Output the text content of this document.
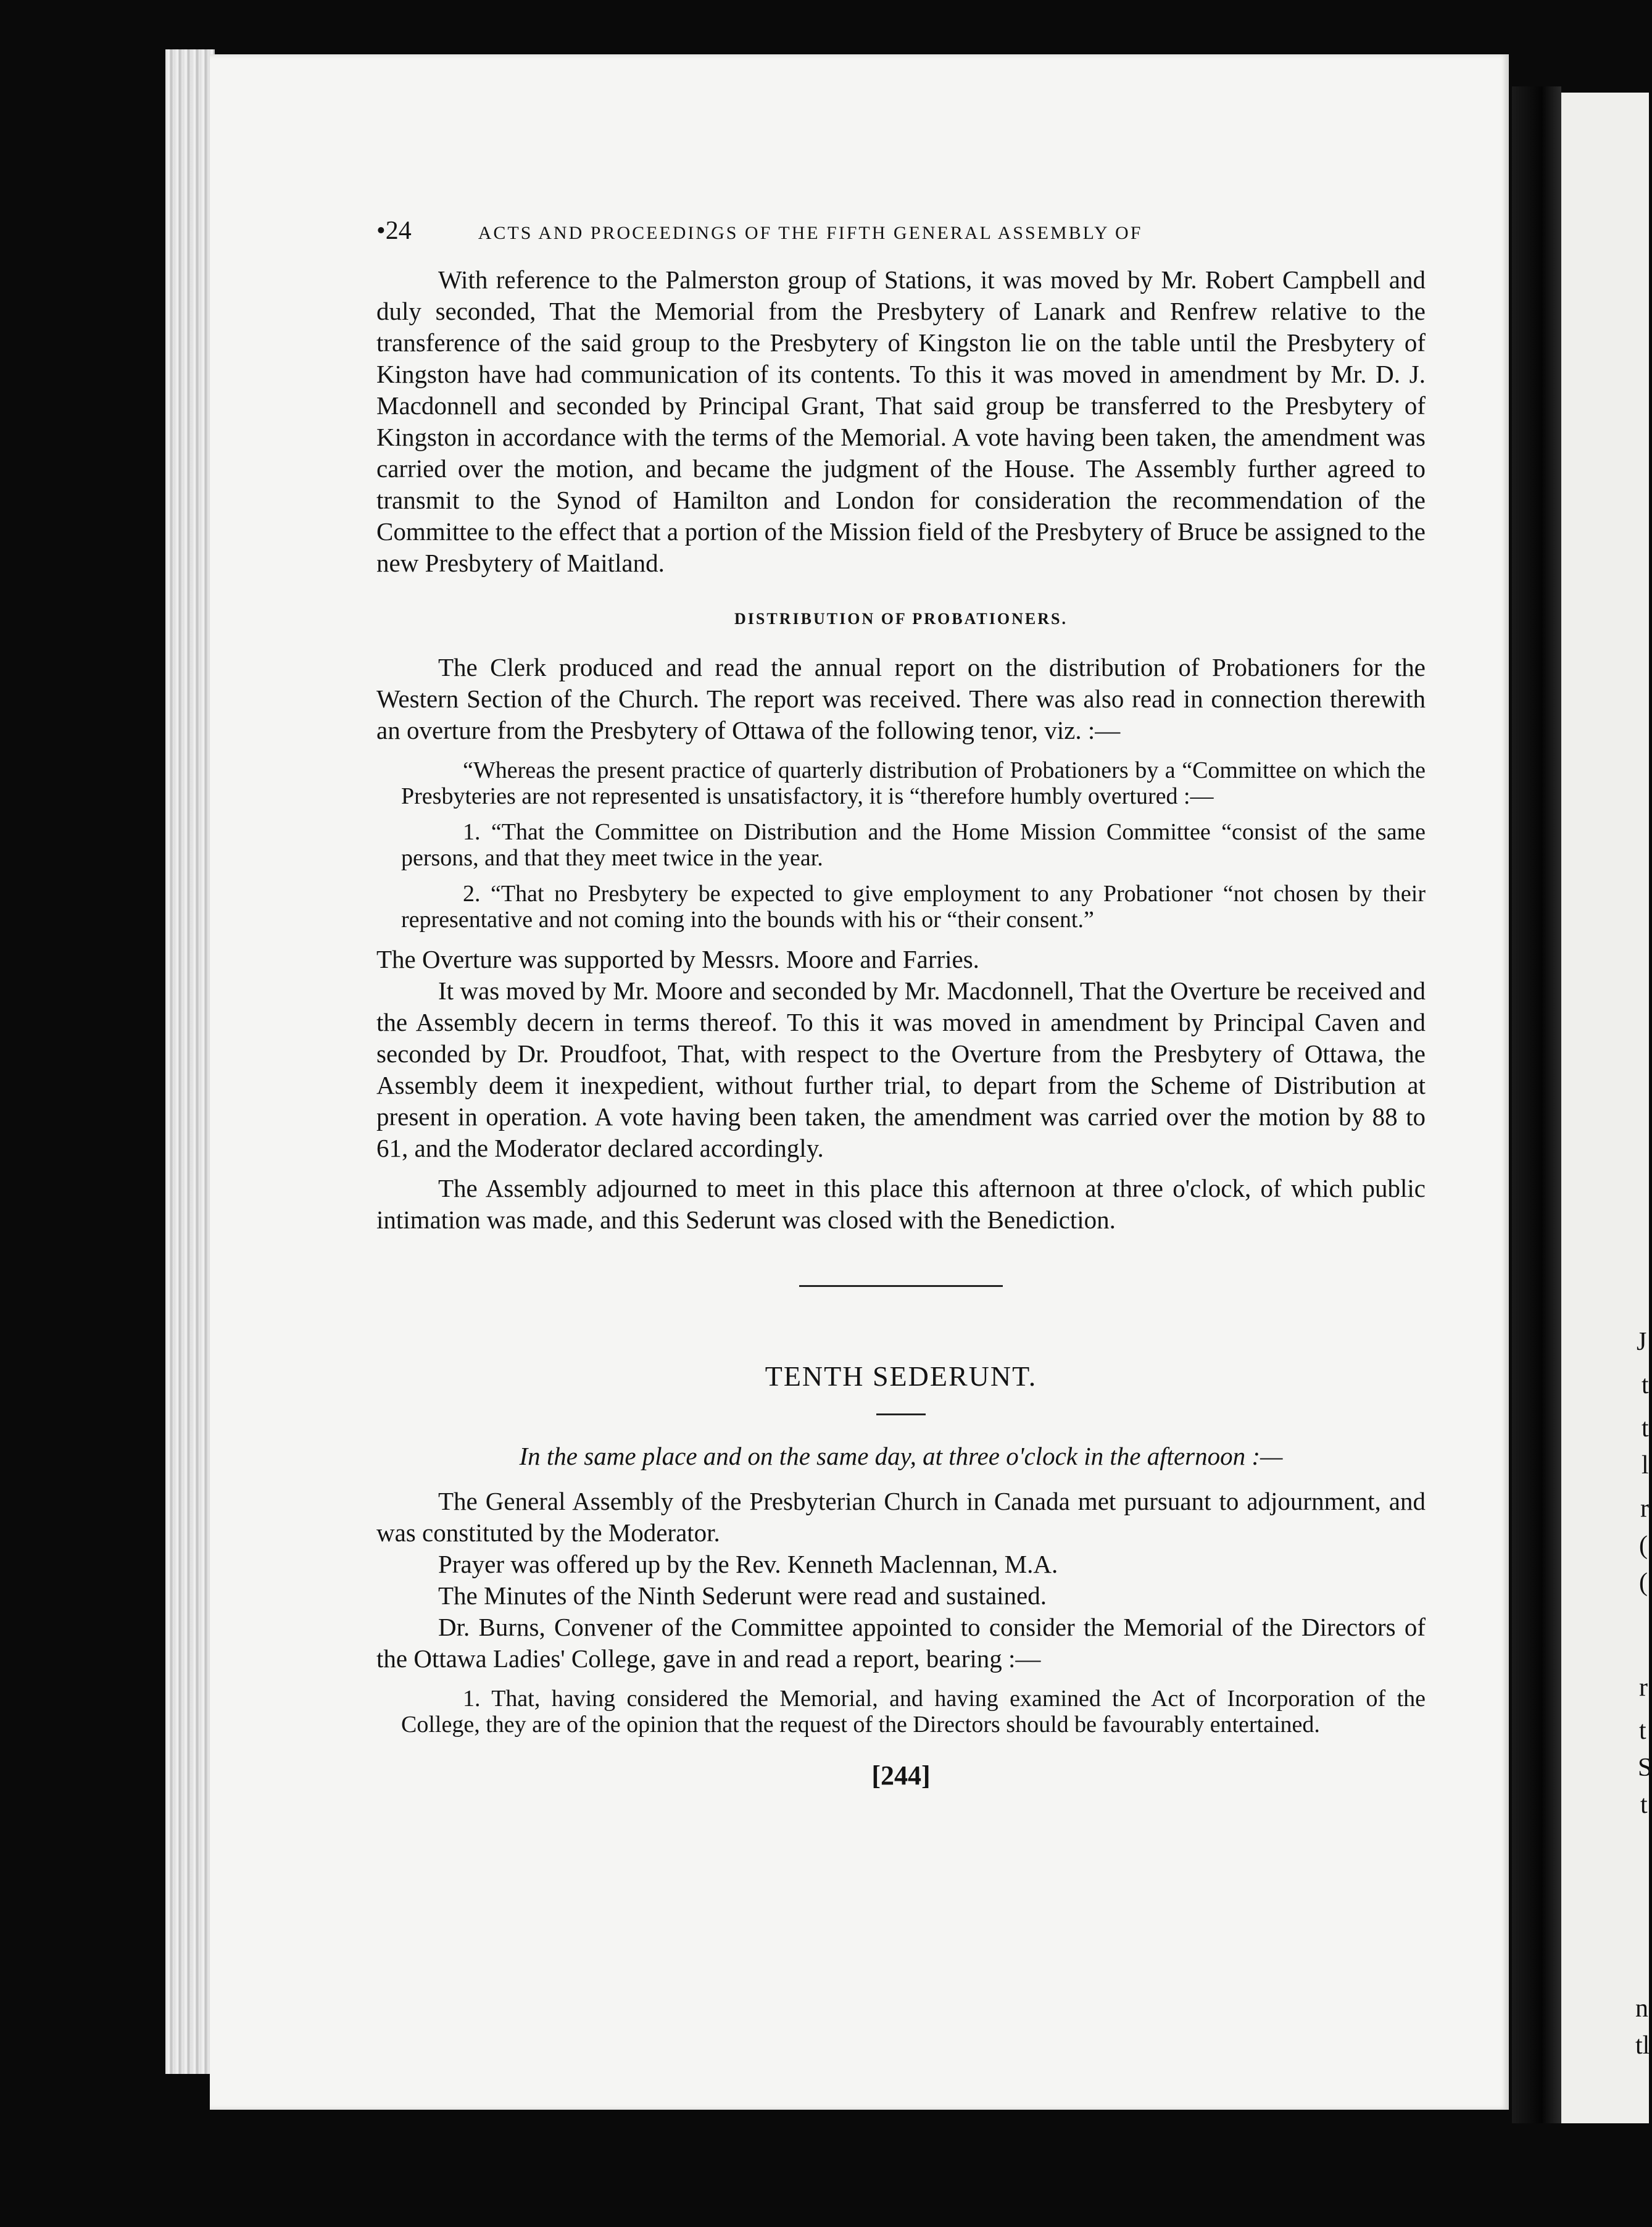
J
t
t
l
r
(
(
r
t
S
t
n
tl
•24	ACTS AND PROCEEDINGS OF THE FIFTH GENERAL ASSEMBLY OF

With reference to the Palmerston group of Stations, it was moved by Mr. Robert Campbell and duly seconded, That the Memorial from the Presbytery of Lanark and Renfrew relative to the transference of the said group to the Presbytery of Kingston lie on the table until the Presbytery of Kingston have had communication of its contents. To this it was moved in amendment by Mr. D. J. Macdonnell and seconded by Principal Grant, That said group be transferred to the Presbytery of Kingston in accordance with the terms of the Memorial. A vote having been taken, the amendment was carried over the motion, and became the judgment of the House. The Assembly further agreed to transmit to the Synod of Hamilton and London for consideration the recommendation of the Committee to the effect that a portion of the Mission field of the Presbytery of Bruce be assigned to the new Presbytery of Maitland.

DISTRIBUTION OF PROBATIONERS.

The Clerk produced and read the annual report on the distribution of Probationers for the Western Section of the Church. The report was received. There was also read in connection therewith an overture from the Presbytery of Ottawa of the following tenor, viz. :—

“Whereas the present practice of quarterly distribution of Probationers by a “Committee on which the Presbyteries are not represented is unsatisfactory, it is “therefore humbly overtured :—

1. “That the Committee on Distribution and the Home Mission Committee “consist of the same persons, and that they meet twice in the year.

2. “That no Presbytery be expected to give employment to any Probationer “not chosen by their representative and not coming into the bounds with his or “their consent.”

The Overture was supported by Messrs. Moore and Farries.

It was moved by Mr. Moore and seconded by Mr. Macdonnell, That the Overture be received and the Assembly decern in terms thereof. To this it was moved in amendment by Principal Caven and seconded by Dr. Proudfoot, That, with respect to the Overture from the Presbytery of Ottawa, the Assembly deem it inexpedient, without further trial, to depart from the Scheme of Distribution at present in operation. A vote having been taken, the amendment was carried over the motion by 88 to 61, and the Moderator declared accordingly.

The Assembly adjourned to meet in this place this afternoon at three o'clock, of which public intimation was made, and this Sederunt was closed with the Benediction.

TENTH SEDERUNT.
In the same place and on the same day, at three o'clock in the afternoon :—

The General Assembly of the Presbyterian Church in Canada met pursuant to adjournment, and was constituted by the Moderator.

Prayer was offered up by the Rev. Kenneth Maclennan, M.A.

The Minutes of the Ninth Sederunt were read and sustained.

Dr. Burns, Convener of the Committee appointed to consider the Memorial of the Directors of the Ottawa Ladies' College, gave in and read a report, bearing :—

1. That, having considered the Memorial, and having examined the Act of Incorporation of the College, they are of the opinion that the request of the Directors should be favourably entertained.

[244]
